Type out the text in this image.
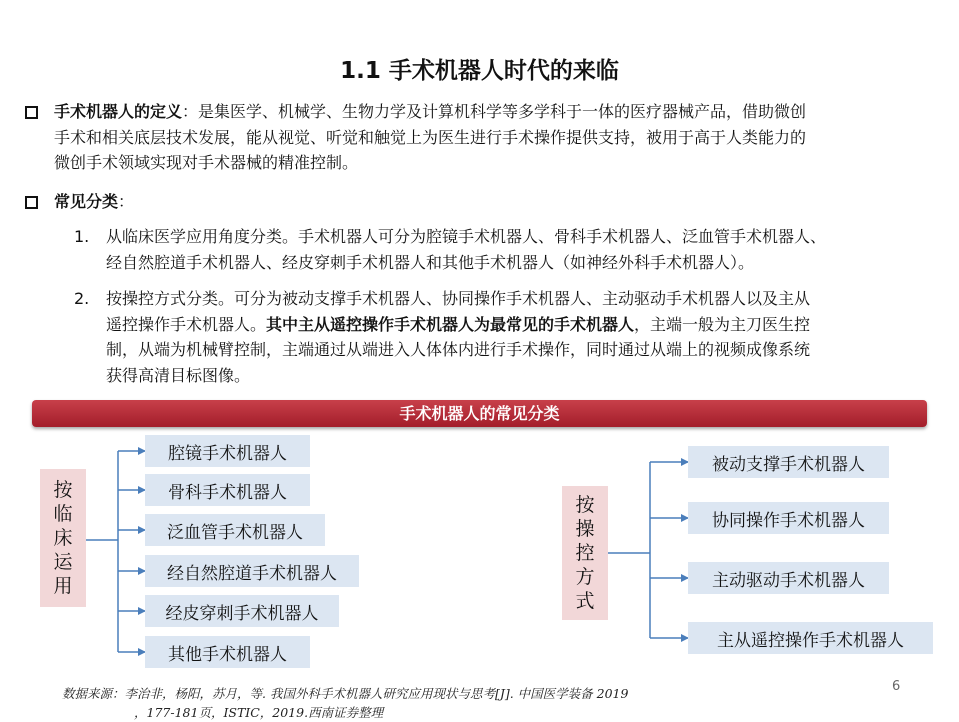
1.1 手术机器人时代的来临
手术机器人的定义：是集医学、机械学、生物力学及计算机科学等多学科于一体的医疗器械产品，借助微创
手术和相关底层技术发展，能从视觉、听觉和触觉上为医生进行手术操作提供支持，被用于高于人类能力的
微创手术领域实现对手术器械的精准控制。
常见分类：
1. 从临床医学应用角度分类。手术机器人可分为腔镜手术机器人、骨科手术机器人、泛血管手术机器人、
经自然腔道手术机器人、经皮穿刺手术机器人和其他手术机器人（如神经外科手术机器人）。
2. 按操控方式分类。可分为被动支撑手术机器人、协同操作手术机器人、主动驱动手术机器人以及主从
遥控操作手术机器人。其中主从遥控操作手术机器人为最常见的手术机器人，主端一般为主刀医生控
制，从端为机械臂控制，主端通过从端进入人体体内进行手术操作，同时通过从端上的视频成像系统
获得高清目标图像。
手术机器人的常见分类
按
临
床
运
用
腔镜手术机器人
骨科手术机器人
泛血管手术机器人
经自然腔道手术机器人
经皮穿刺手术机器人
其他手术机器人
按
操
控
方
式
被动支撑手术机器人
协同操作手术机器人
主动驱动手术机器人
主从遥控操作手术机器人
数据来源：李治非，杨阳，苏月，等. 我国外科手术机器人研究应用现状与思考[J]. 中国医学装备 2019
，177-181页，ISTIC，2019.西南证券整理
6
